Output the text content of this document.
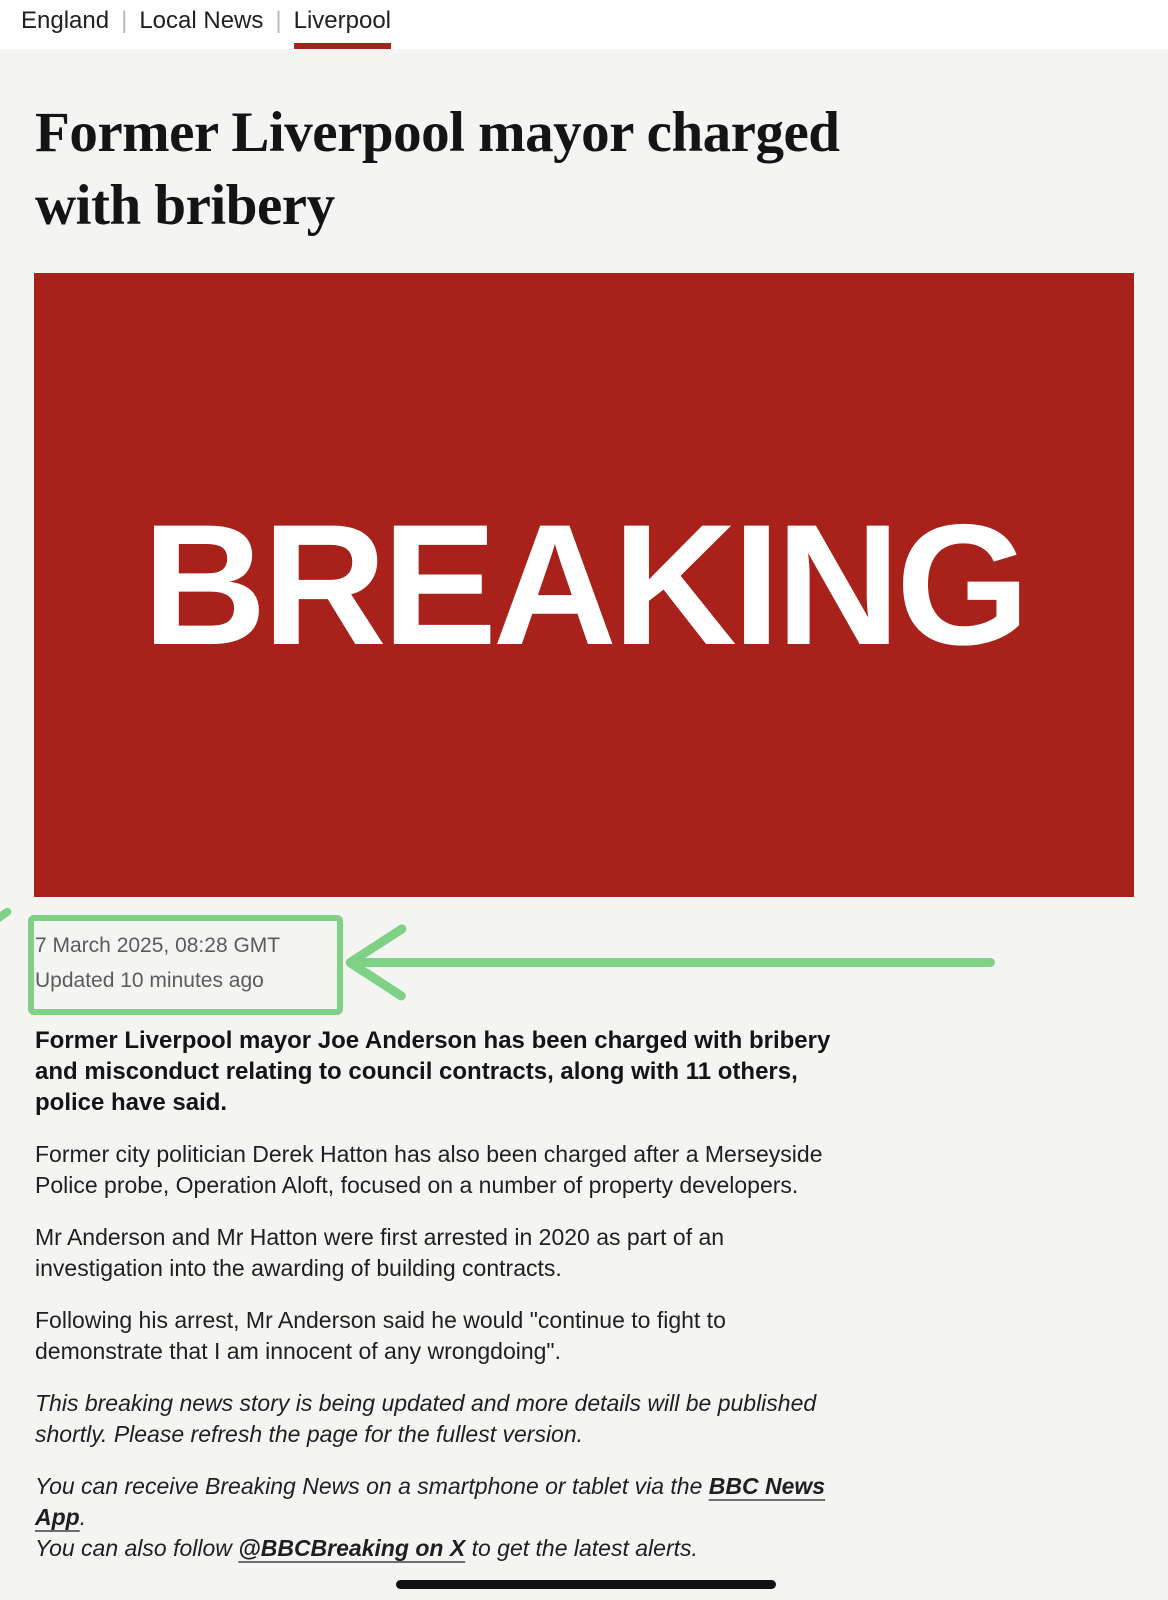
England | Local News | Liverpool
Former Liverpool mayor charged
with bribery
BREAKING
7 March 2025, 08:28 GMT
Updated 10 minutes ago

Former Liverpool mayor Joe Anderson has been charged with bribery and misconduct relating to council contracts, along with 11 others, police have said.

Former city politician Derek Hatton has also been charged after a Merseyside Police probe, Operation Aloft, focused on a number of property developers.

Mr Anderson and Mr Hatton were first arrested in 2020 as part of an investigation into the awarding of building contracts.

Following his arrest, Mr Anderson said he would "continue to fight to demonstrate that I am innocent of any wrongdoing".

This breaking news story is being updated and more details will be published shortly. Please refresh the page for the fullest version.

You can receive Breaking News on a smartphone or tablet via the BBC News App.
You can also follow @BBCBreaking on X to get the latest alerts.
